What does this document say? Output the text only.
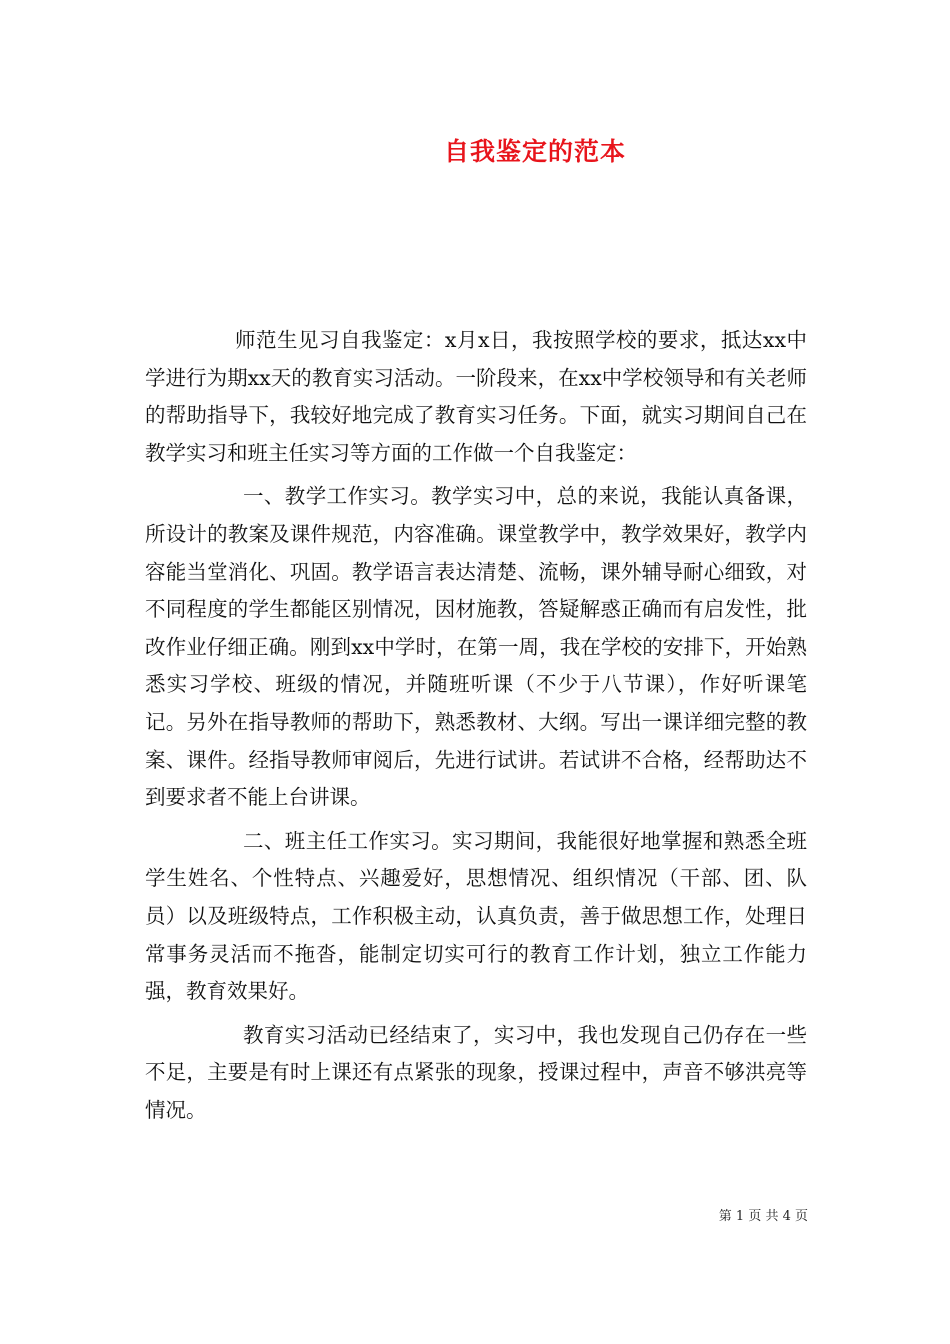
自我鉴定的范本

师范生见习自我鉴定：x月x日，我按照学校的要求，抵达xx中学进行为期xx天的教育实习活动。一阶段来，在xx中学校领导和有关老师的帮助指导下，我较好地完成了教育实习任务。下面，就实习期间自己在教学实习和班主任实习等方面的工作做一个自我鉴定：

一、教学工作实习。教学实习中，总的来说，我能认真备课，所设计的教案及课件规范，内容准确。课堂教学中，教学效果好，教学内容能当堂消化、巩固。教学语言表达清楚、流畅，课外辅导耐心细致，对不同程度的学生都能区别情况，因材施教，答疑解惑正确而有启发性，批改作业仔细正确。刚到xx中学时，在第一周，我在学校的安排下，开始熟悉实习学校、班级的情况，并随班听课（不少于八节课），作好听课笔记。另外在指导教师的帮助下，熟悉教材、大纲。写出一课详细完整的教案、课件。经指导教师审阅后，先进行试讲。若试讲不合格，经帮助达不到要求者不能上台讲课。

二、班主任工作实习。实习期间，我能很好地掌握和熟悉全班学生姓名、个性特点、兴趣爱好，思想情况、组织情况（干部、团、队员）以及班级特点，工作积极主动，认真负责，善于做思想工作，处理日常事务灵活而不拖沓，能制定切实可行的教育工作计划，独立工作能力强，教育效果好。

教育实习活动已经结束了，实习中，我也发现自己仍存在一些不足，主要是有时上课还有点紧张的现象，授课过程中，声音不够洪亮等情况。

第 1 页 共 4 页
